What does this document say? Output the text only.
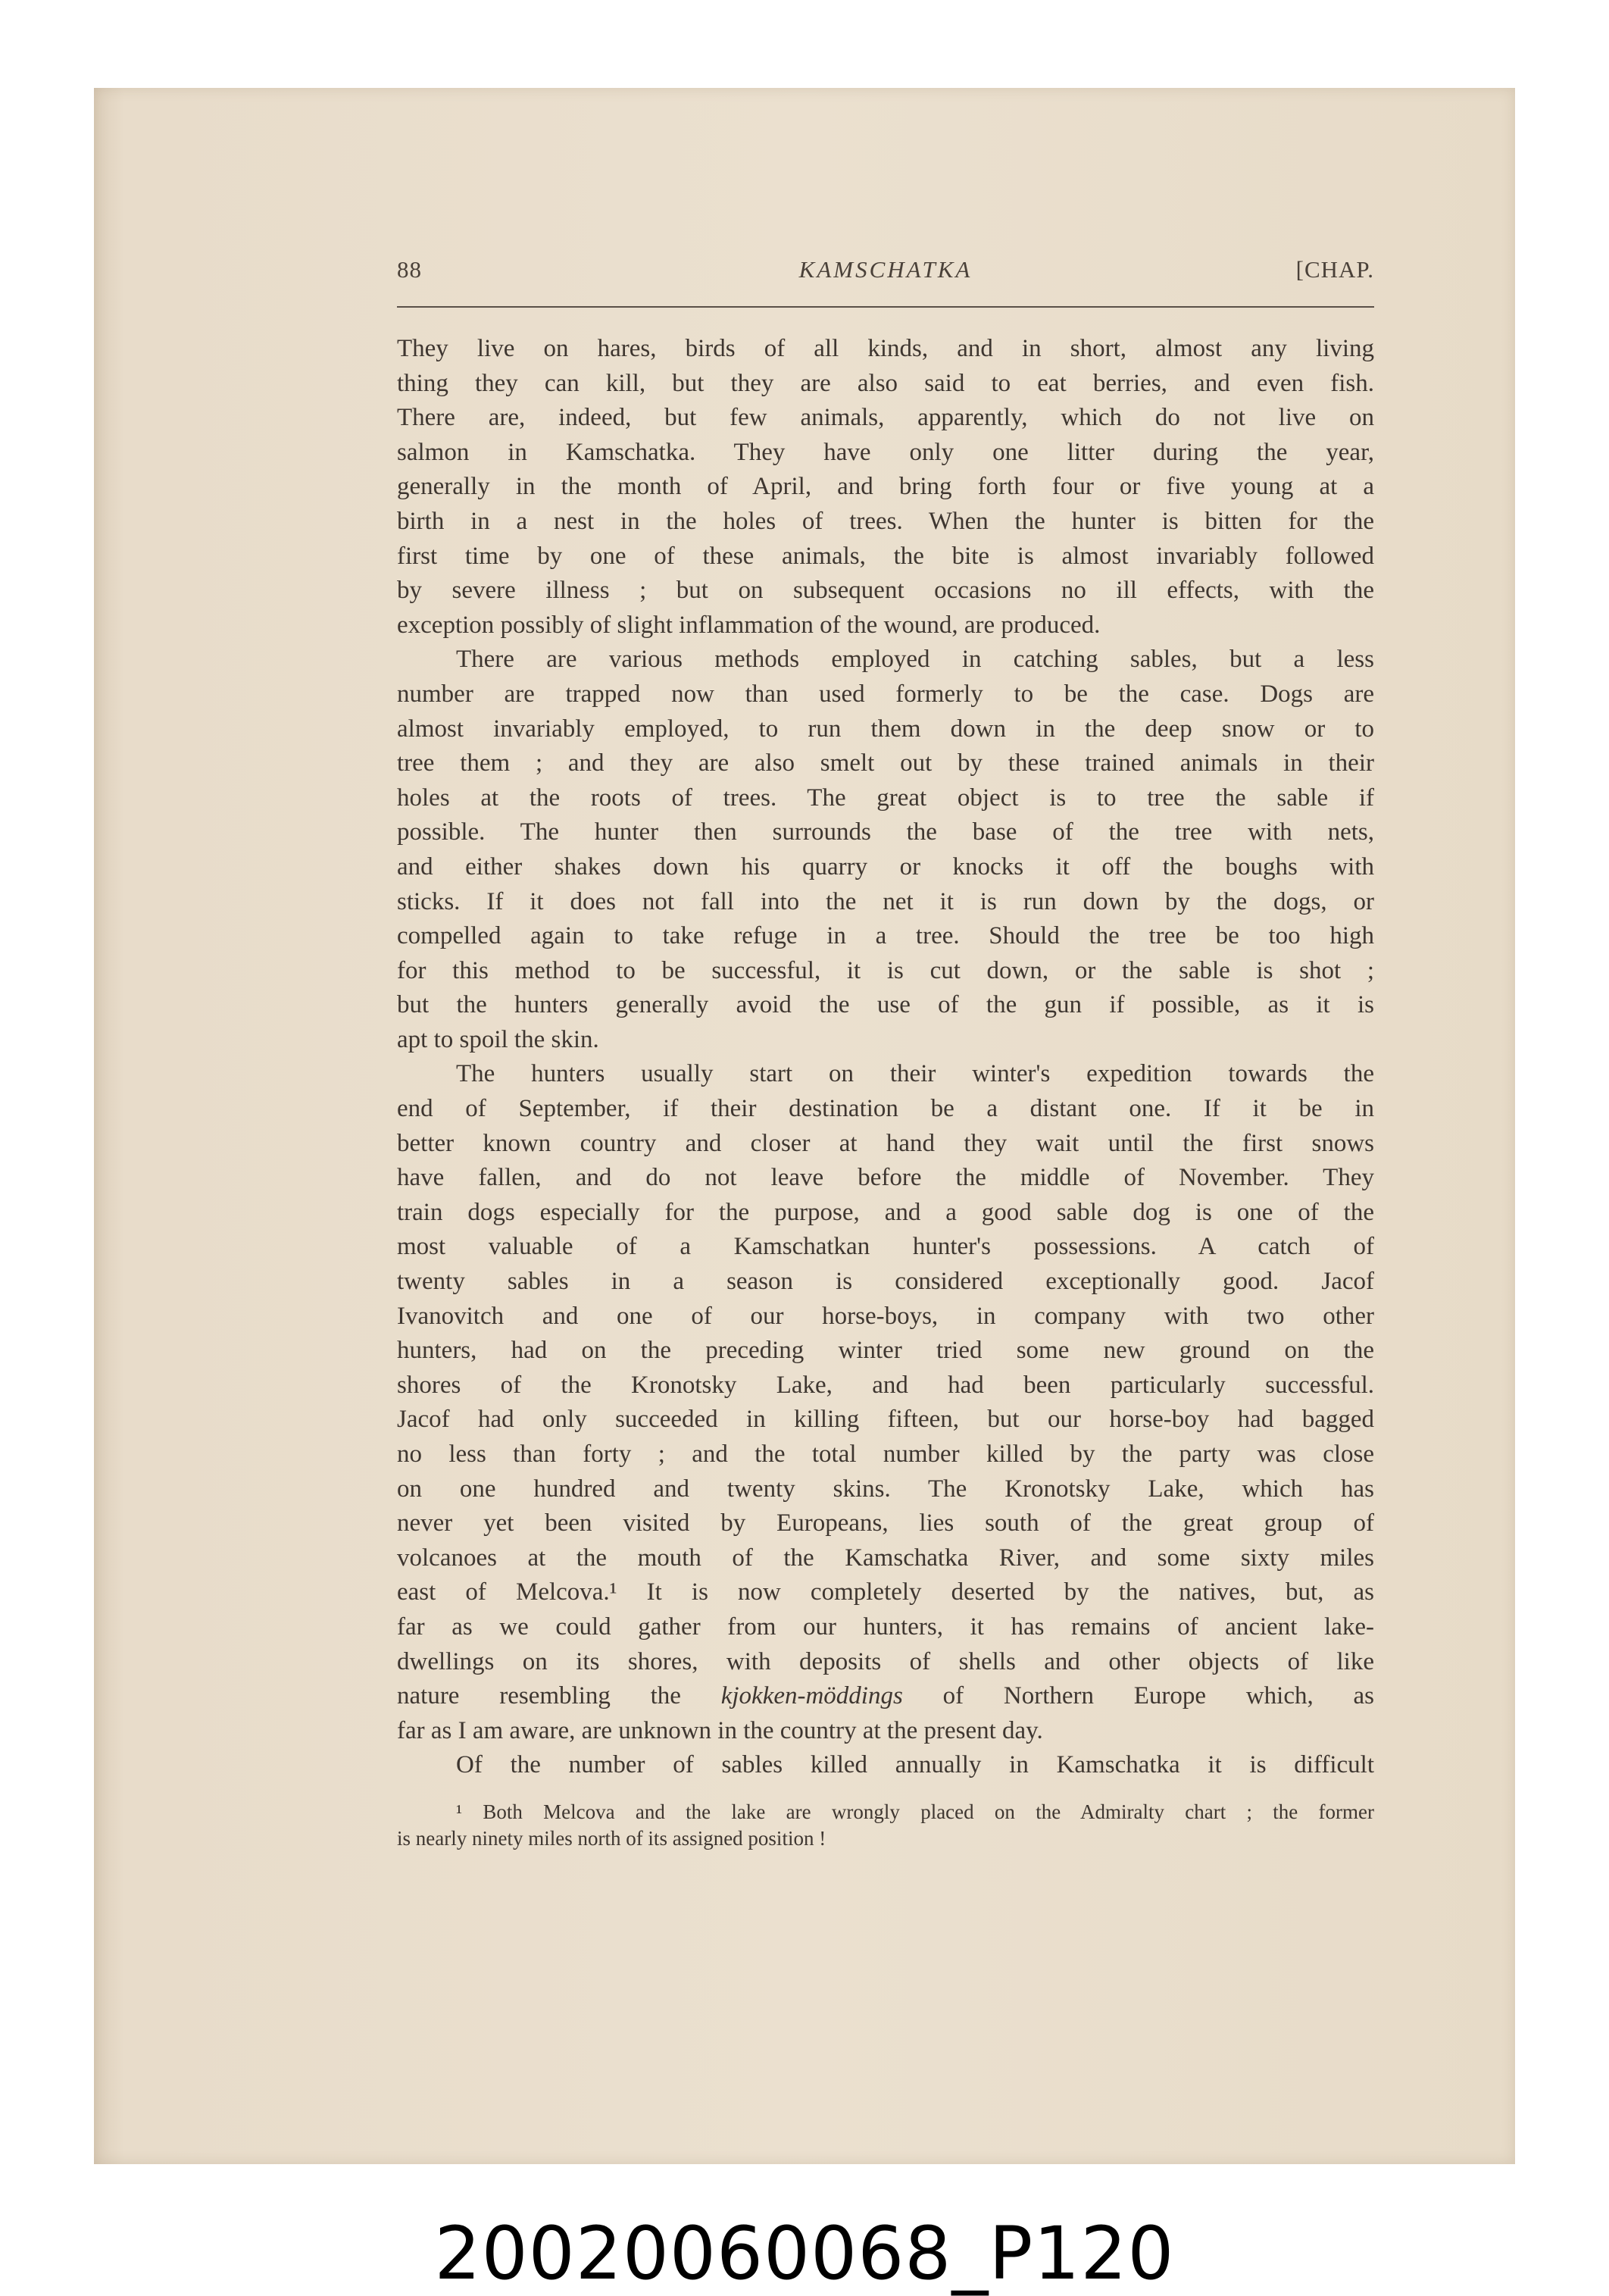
88	KAMSCHATKA	[CHAP.
They live on hares, birds of all kinds, and in short, almost any living
thing they can kill, but they are also said to eat berries, and even fish.
There are, indeed, but few animals, apparently, which do not live on
salmon in Kamschatka. They have only one litter during the year,
generally in the month of April, and bring forth four or five young at a
birth in a nest in the holes of trees. When the hunter is bitten for the
first time by one of these animals, the bite is almost invariably followed
by severe illness ; but on subsequent occasions no ill effects, with the
exception possibly of slight inflammation of the wound, are produced.
There are various methods employed in catching sables, but a less
number are trapped now than used formerly to be the case. Dogs are
almost invariably employed, to run them down in the deep snow or to
tree them ; and they are also smelt out by these trained animals in their
holes at the roots of trees. The great object is to tree the sable if
possible. The hunter then surrounds the base of the tree with nets,
and either shakes down his quarry or knocks it off the boughs with
sticks. If it does not fall into the net it is run down by the dogs, or
compelled again to take refuge in a tree. Should the tree be too high
for this method to be successful, it is cut down, or the sable is shot ;
but the hunters generally avoid the use of the gun if possible, as it is
apt to spoil the skin.
The hunters usually start on their winter's expedition towards the
end of September, if their destination be a distant one. If it be in
better known country and closer at hand they wait until the first snows
have fallen, and do not leave before the middle of November. They
train dogs especially for the purpose, and a good sable dog is one of the
most valuable of a Kamschatkan hunter's possessions. A catch of
twenty sables in a season is considered exceptionally good. Jacof
Ivanovitch and one of our horse-boys, in company with two other
hunters, had on the preceding winter tried some new ground on the
shores of the Kronotsky Lake, and had been particularly successful.
Jacof had only succeeded in killing fifteen, but our horse-boy had bagged
no less than forty ; and the total number killed by the party was close
on one hundred and twenty skins. The Kronotsky Lake, which has
never yet been visited by Europeans, lies south of the great group of
volcanoes at the mouth of the Kamschatka River, and some sixty miles
east of Melcova.¹ It is now completely deserted by the natives, but, as
far as we could gather from our hunters, it has remains of ancient lake-
dwellings on its shores, with deposits of shells and other objects of like
nature resembling the kjokken-möddings of Northern Europe which, as
far as I am aware, are unknown in the country at the present day.
Of the number of sables killed annually in Kamschatka it is difficult
¹ Both Melcova and the lake are wrongly placed on the Admiralty chart ; the former
is nearly ninety miles north of its assigned position !
20020060068_P120
